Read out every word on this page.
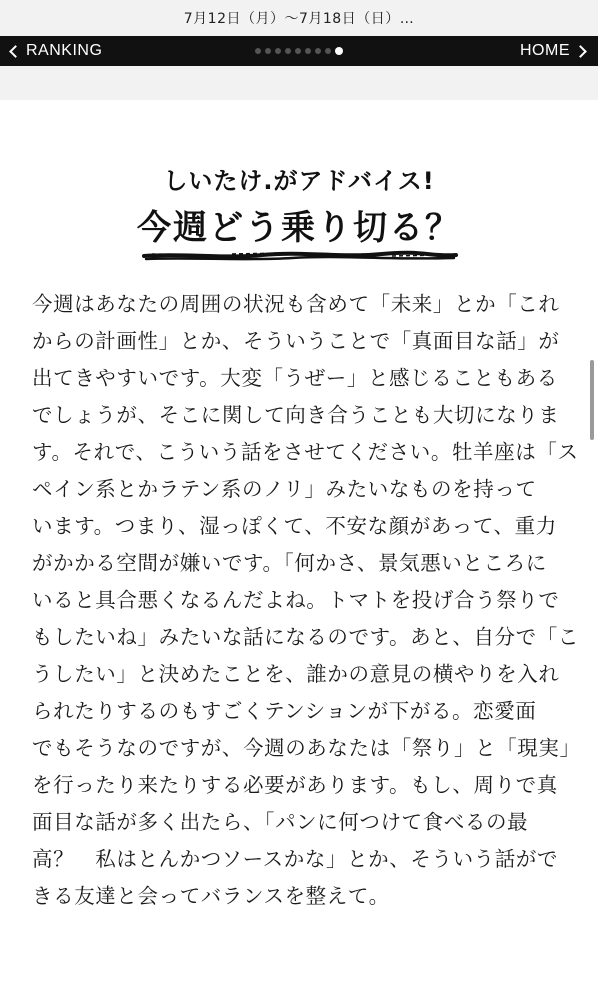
7月12日（月）〜7月18日（日）…
RANKING	HOME
しいたけ.がアドバイス!
今週どう乗り切る？
今週はあなたの周囲の状況も含めて「未来」とか「これ
からの計画性」とか、そういうことで「真面目な話」が
出てきやすいです。大変「うぜー」と感じることもある
でしょうが、そこに関して向き合うことも大切になりま
す。それで、こういう話をさせてください。牡羊座は「ス
ペイン系とかラテン系のノリ」みたいなものを持って
います。つまり、湿っぽくて、不安な顔があって、重力
がかかる空間が嫌いです。「何かさ、景気悪いところに
いると具合悪くなるんだよね。トマトを投げ合う祭りで
もしたいね」みたいな話になるのです。あと、自分で「こ
うしたい」と決めたことを、誰かの意見の横やりを入れ
られたりするのもすごくテンションが下がる。恋愛面
でもそうなのですが、今週のあなたは「祭り」と「現実」
を行ったり来たりする必要があります。もし、周りで真
面目な話が多く出たら、「パンに何つけて食べるの最
高？　私はとんかつソースかな」とか、そういう話がで
きる友達と会ってバランスを整えて。
